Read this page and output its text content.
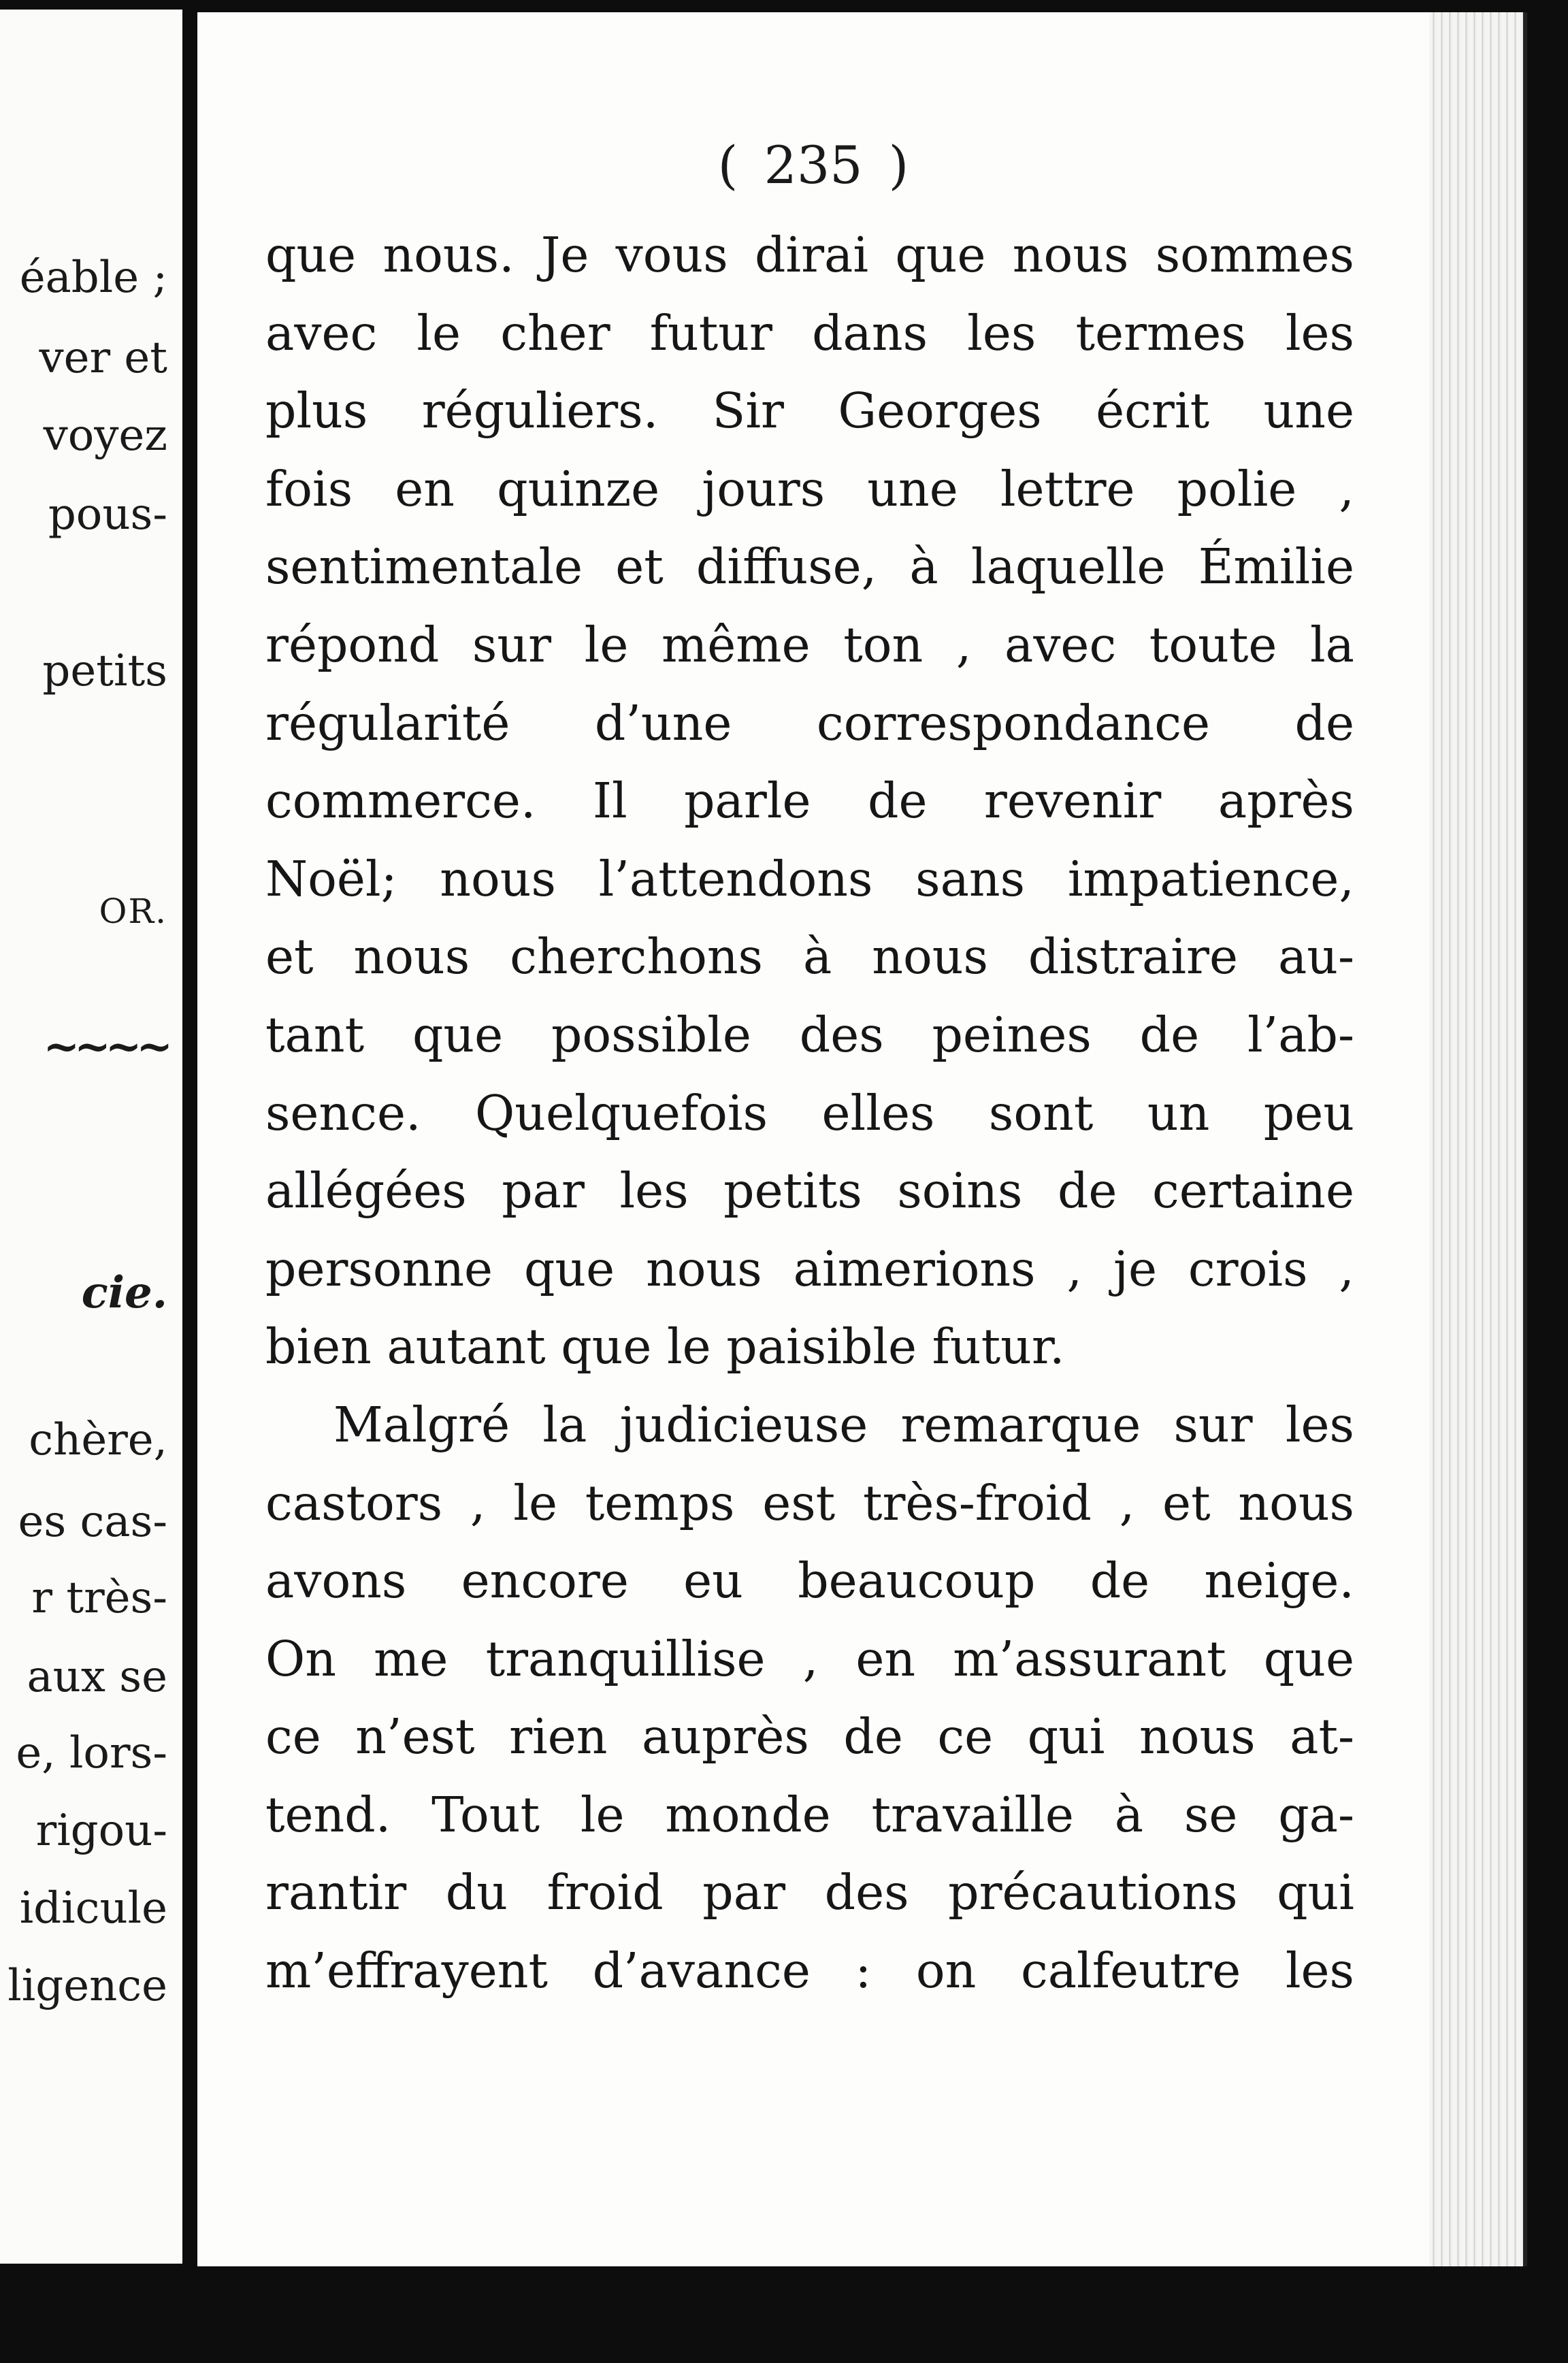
éable ;
ver et
voyez
pous-
petits
OR.
~~~~
cie.
chère,
es cas-
r très-
aux se
e, lors-
rigou-
idicule
ligence
( 235 )
que nous. Je vous dirai que nous sommes
avec le cher futur dans les termes les
plus réguliers. Sir Georges écrit une
fois en quinze jours une lettre polie ,
sentimentale et diffuse, à laquelle Émilie
répond sur le même ton , avec toute la
régularité d’une correspondance de
commerce. Il parle de revenir après
Noël; nous l’attendons sans impatience,
et nous cherchons à nous distraire au-
tant que possible des peines de l’ab-
sence. Quelquefois elles sont un peu
allégées par les petits soins de certaine
personne que nous aimerions , je crois ,
bien autant que le paisible futur.
Malgré la judicieuse remarque sur les
castors , le temps est très-froid , et nous
avons encore eu beaucoup de neige.
On me tranquillise , en m’assurant que
ce n’est rien auprès de ce qui nous at-
tend. Tout le monde travaille à se ga-
rantir du froid par des précautions qui
m’effrayent d’avance : on calfeutre les
